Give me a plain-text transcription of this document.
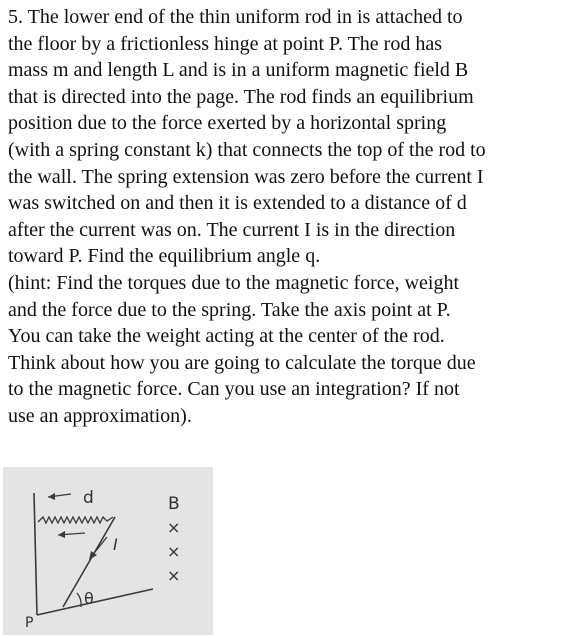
5. The lower end of the thin uniform rod in is attached to
the floor by a frictionless hinge at point P. The rod has
mass m and length L and is in a uniform magnetic field B
that is directed into the page. The rod finds an equilibrium
position due to the force exerted by a horizontal spring
(with a spring constant k) that connects the top of the rod to
the wall. The spring extension was zero before the current I
was switched on and then it is extended to a distance of d
after the current was on. The current I is in the direction
toward P. Find the equilibrium angle q.
(hint: Find the torques due to the magnetic force, weight
and the force due to the spring. Take the axis point at P.
You can take the weight acting at the center of the rod.
Think about how you are going to calculate the torque due
to the magnetic force. Can you use an integration? If not
use an approximation).
d
I
θ
P
B
×
×
×
